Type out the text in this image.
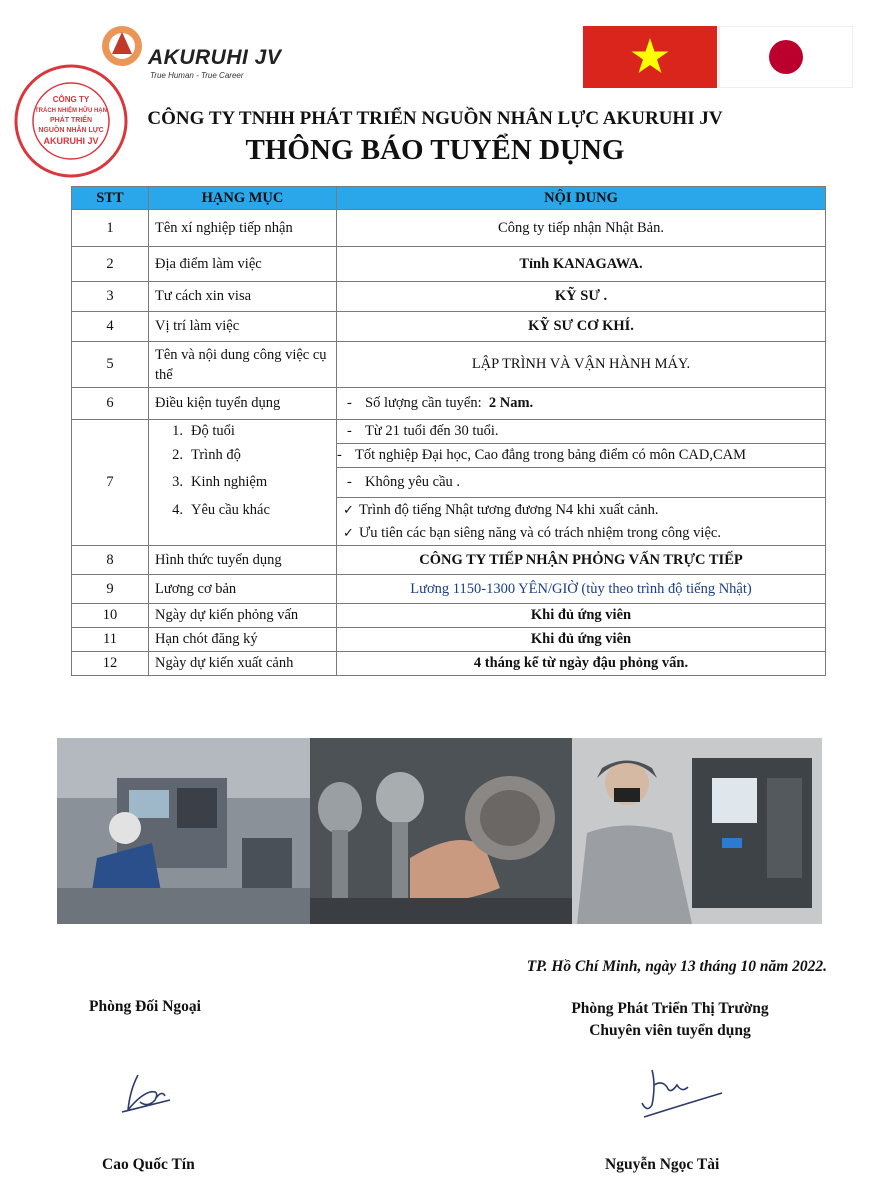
AKURUHI JV
True Human - True Career
CÔNG TY
TRÁCH NHIỆM HỮU HẠN
PHÁT TRIỂN
NGUỒN NHÂN LỰC
AKURUHI JV
CÔNG TY TNHH PHÁT TRIỂN NGUỒN NHÂN LỰC AKURUHI JV
THÔNG BÁO TUYỂN DỤNG
STT	HẠNG MỤC	NỘI DUNG
1	Tên xí nghiệp tiếp nhận	Công ty tiếp nhận Nhật Bản.
2	Địa điểm làm việc	Tỉnh KANAGAWA.
3	Tư cách xin visa	KỸ SƯ .
4	Vị trí làm việc	KỸ SƯ CƠ KHÍ.
5	Tên và nội dung công việc cụ thể	LẬP TRÌNH VÀ VẬN HÀNH MÁY.
6	Điều kiện tuyển dụng	- Số lượng cần tuyển: 2 Nam.
7	1. Độ tuổi	- Từ 21 tuổi đến 30 tuổi.
	2. Trình độ	- Tốt nghiệp Đại học, Cao đẳng trong bảng điểm có môn CAD,CAM
	3. Kinh nghiệm	- Không yêu cầu .
	4. Yêu cầu khác	✓ Trình độ tiếng Nhật tương đương N4 khi xuất cảnh.
✓ Ưu tiên các bạn siêng năng và có trách nhiệm trong công việc.

8	Hình thức tuyển dụng	CÔNG TY TIẾP NHẬN PHỎNG VẤN TRỰC TIẾP
9	Lương cơ bản	Lương 1150-1300 YÊN/GIỜ (tùy theo trình độ tiếng Nhật)
10	Ngày dự kiến phỏng vấn	Khi đủ ứng viên
11	Hạn chót đăng ký	Khi đủ ứng viên
12	Ngày dự kiến xuất cảnh	4 tháng kể từ ngày đậu phỏng vấn.
TP. Hồ Chí Minh, ngày 13 tháng 10 năm 2022.
Phòng Đối Ngoại	Phòng Phát Triển Thị Trường
Chuyên viên tuyển dụng
Cao Quốc Tín	Nguyễn Ngọc Tài
